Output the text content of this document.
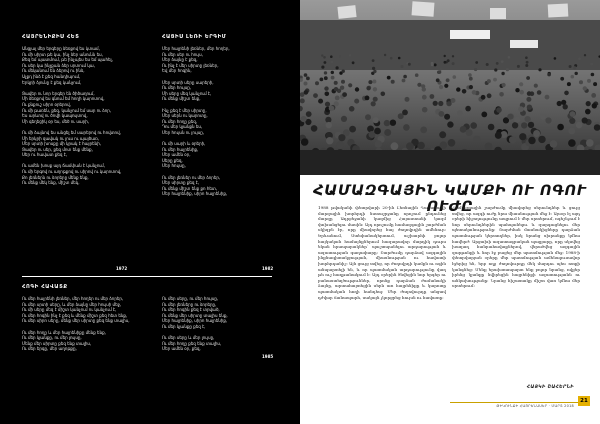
ՀԱՅՐԵՆԻՔԻՍ ՀԵՏ
Անցյալ մեր երգերը ձեռքով ես կտամ,
Ու մի սիրտ թե կա, ինչ ձեր անունն ես,
Քեզ եմ պատմում, թե ինչպես ես եմ պահել,
Ու սեր կա ինչքան ձեր սրտում կա,
Ու մեկանում են ձերով ու ինձ,
Աչքդ ինձ է քեզ հանդիպում,
Երկրի ձյունը է քեզ կանչում,

Ցավեր ու նոր երգեր են ծիծաղում,
Մի ձեռքով ես գնում եմ հողի կարոտով,
Ու քնքուշ սիրո օրերով,
Ու մի թառեն, քեզ, կանչում եմ սար ու ձոր,
Ես արևով ու ծովի կապույտով,
Մի գեղեցիկ օր ես, մեծ ու սարի,

Ու մի ձայնով ես անցել եմ սարերով ու հովտով,
Մի երկրի զավակ ու լուս ու պայծառ,
Մեր սրտի խոսքը մի կրակ է հայրենի,
Ցավեր ու սեր, քեզ մոտ ենք մենք,
Սեր ու հավատ քեզ է,

Ու ամեն խոսք այդ ճամփան է կանչում,
Ու մի երգով ու աղոթքով ու սիրով ու կարոտով,
Քո լեռներն ու ձորերը մենք ենք,
Ու մենք մեկ ենք, միշտ մեկ,
1972
ՀԱՑԻՍ ԼԵՌԻ ԵՐԳԻՄ
Մեր հայրենի լեռներ, մեր հողեր,
Ու մեր սեր ու հույս,
Մեր ձայնը է քեզ,
Ու ինչ է մեր սիրտը լեռներ,
Եվ մեր հոգին,

Մեր սրտի սերը սարերի,
Ու մեր հույսը,
Մի սերը մեզ կանչում է,
Ու մենք միշտ ենք,

Ինչ քեզ է մեր սիրտը,
Մեր սերն ու կարոտը,
Ու մեր հողը քեզ,
Դու մեր կյանքն ես,
Մեր հույսն ու լույսը,

Ու մի սարի և օրերի,
Ու մեր հայրենիք,
Մեր ամեն օր,
Սերը քեզ,
Մեր հույսը,

Ու մեր լեռներ ու մեր ձորեր,
Մեր սիրտը քեզ է,
Ու մենք միշտ ենք քո հետ,
Մեր հայրենիք, սիրո հայրենիք,
1982
ՀՈԳԻ ՀԱՎԱՏՔ
Ու մեր հայրենի լեռներ, մեր հողեր ու մեր ձորեր,
Ու մեր սրտի սերը, և մեր ձայնը մեր հույսի մեջ,
Ու մի սերը մեզ է միշտ կանչում ու կանչում է,
Ու մեր հոգին ինչ է քեզ և մենք միշտ քեզ հետ ենք,
Ու մեր սիրո սերը, մենք մեր սիրտը քեզ ենք տալիս,

Ու մեր հողը և մեր հայրենիքը մենք ենք,
Ու մեր կյանքը, ու մեր լույսը,
Մենք մեր սիրտը քեզ ենք տալիս,
Ու մեր երգը, մեր աղոթքը,
Ու մեր սերը, ու մեր հույսը,
Ու մեր լեռները ու ձորերը,
Ու մեր հոգին քեզ է տրված,
Ու մենք մեր սիրտը տալիս ենք,
Մեր հայրենիք, սիրո հայրենիք,
Ու մեր կյանքը քեզ է,

Ու մեր սերը և մեր լույսը,
Ու մեր հողը քեզ ենք տալիս,
Մեր ամեն օր, քեզ,
1985
ՀԱՄԱԶԳԱՅԻՆ ԿԱՄՔԻ ՈՒ ՈԳՈՒ ՈՒԺԸ
1988 թվականի փետրվարի 20-ին Լեռնային Ղարաբաղի մարզային խորհրդի նստաշրջանը որոշում ընդունեց մարզը Ադրբեջանի կազմից Հայաստանի կազմ փոխանցելու մասին։ Այդ որոշումը համազգային շարժման սկիզբն էր, որը միավորեց հայ ժողովրդին ամենուր։ Երևանում, Ստեփանակերտում, աշխարհի բոլոր հայկական համայնքներում հազարավոր մարդիկ դուրս եկան հրապարակներ՝ պաշտպանելու արդարության և ազատության գաղափարը։ Շարժումը դարձավ ազգային ինքնագիտակցության, միասնության ու հավատի խորհրդանիշ։ Այն ցույց տվեց, որ ժողովրդի կամքն ու ոգին անպարտելի են, և որ պատմական արդարությունը վաղ թե ուշ հաղթանակում է։ Այդ օրերին ծնվեցին նոր երգեր ու բանաստեղծություններ, որոնք դարձան ժամանակի ձայնը, արտահայտեցին սերն առ հայրենիքը և կարոտը պատմական հողի հանդեպ։ Մեր ժողովուրդը անցավ դժվար ճանապարհ, սակայն չկորցրեց հույսն ու հավատը։
Համազգային շարժումը միավորեց սերունդներ և ցույց տվեց, որ ազգի ուժը նրա միասնության մեջ է։ Այսօր էլ այդ օրերի հիշողությունը ապրում է մեր սրտերում, ոգեշնչում է նոր սերունդներին պահպանելու և զարգացնելու մեր պետականությունը։ Շարժման մասնակիցները դարձան պատմության կերտողներ, իսկ նրանց սխրանքը կմնա հավերժ։ Արցախի ազատագրական պայքարը, որը սկսվեց խաղաղ հանրահավաքներով, վերածվեց ազգային զարթոնքի և նոր էջ բացեց մեր պատմության մեջ։ 1988-ի փետրվարյան օրերը մեր պատմության ամենալուսավոր էջերից են, երբ ողջ ժողովուրդը մեկ մարդու պես ոտքի կանգնեց։ Մենք երախտապարտ ենք բոլոր նրանց, ովքեր իրենց կյանքը նվիրեցին հայրենիքի ազատությանն ու անկախությանը։ Նրանց հիշատակը միշտ վառ կմնա մեր սրտերում։
ՀԱՅԿԻ ՇԱՀԵՐՆԻ
ԹԻԿՈՒՆՔԻ ՀԱՅՐԵՆԱՍԵՐ · ՄԱՐՏ 2018
21
